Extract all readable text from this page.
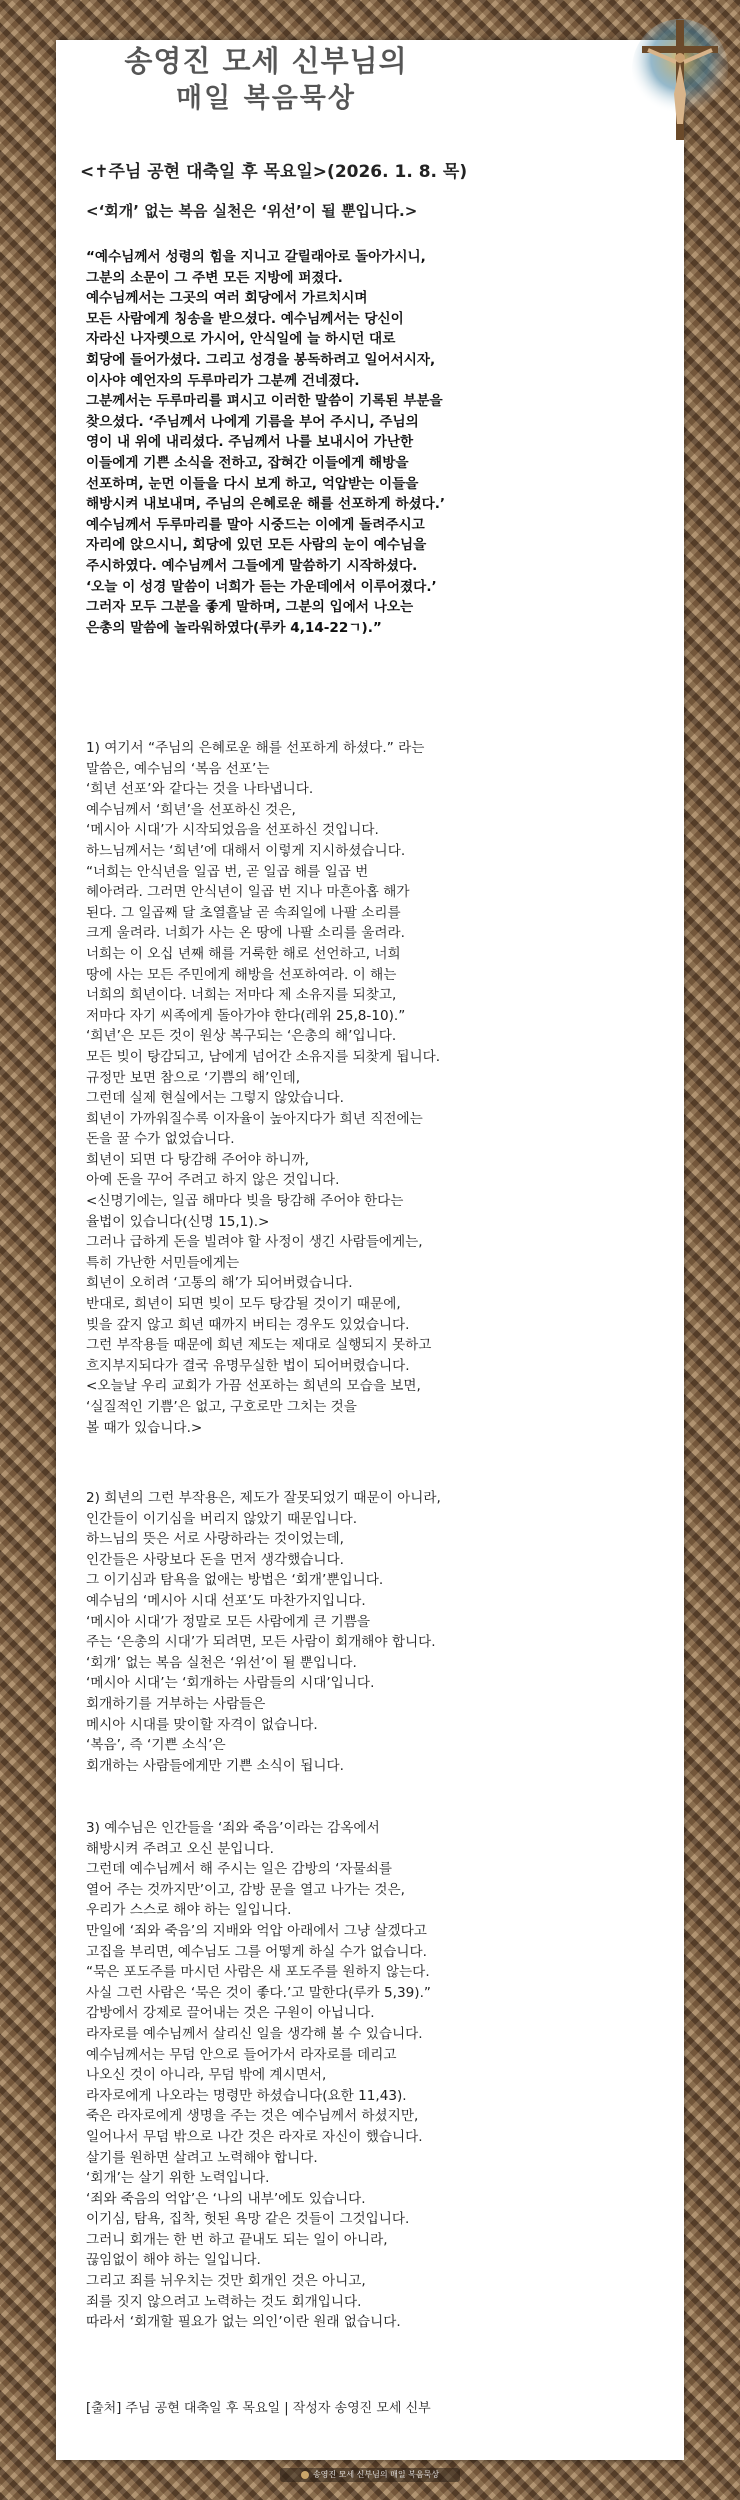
송영진 모세 신부님의
매일 복음묵상
<✝주님 공현 대축일 후 목요일>(2026. 1. 8. 목)
<‘회개’ 없는 복음 실천은 ‘위선’이 될 뿐입니다.>
“예수님께서 성령의 힘을 지니고 갈릴래아로 돌아가시니,
그분의 소문이 그 주변 모든 지방에 퍼졌다.
예수님께서는 그곳의 여러 회당에서 가르치시며
모든 사람에게 칭송을 받으셨다. 예수님께서는 당신이
자라신 나자렛으로 가시어, 안식일에 늘 하시던 대로
회당에 들어가셨다. 그리고 성경을 봉독하려고 일어서시자,
이사야 예언자의 두루마리가 그분께 건네졌다.
그분께서는 두루마리를 펴시고 이러한 말씀이 기록된 부분을
찾으셨다. ‘주님께서 나에게 기름을 부어 주시니, 주님의
영이 내 위에 내리셨다. 주님께서 나를 보내시어 가난한
이들에게 기쁜 소식을 전하고, 잡혀간 이들에게 해방을
선포하며, 눈먼 이들을 다시 보게 하고, 억압받는 이들을
해방시켜 내보내며, 주님의 은혜로운 해를 선포하게 하셨다.’
예수님께서 두루마리를 말아 시중드는 이에게 돌려주시고
자리에 앉으시니, 회당에 있던 모든 사람의 눈이 예수님을
주시하였다. 예수님께서 그들에게 말씀하기 시작하셨다.
‘오늘 이 성경 말씀이 너희가 듣는 가운데에서 이루어졌다.’
그러자 모두 그분을 좋게 말하며, 그분의 입에서 나오는
은총의 말씀에 놀라워하였다(루카 4,14-22ㄱ).”
1) 여기서 “주님의 은혜로운 해를 선포하게 하셨다.” 라는
말씀은, 예수님의 ‘복음 선포’는
‘희년 선포’와 같다는 것을 나타냅니다.
예수님께서 ‘희년’을 선포하신 것은,
‘메시아 시대’가 시작되었음을 선포하신 것입니다.
하느님께서는 ‘희년’에 대해서 이렇게 지시하셨습니다.
“너희는 안식년을 일곱 번, 곧 일곱 해를 일곱 번
헤아려라. 그러면 안식년이 일곱 번 지나 마흔아홉 해가
된다. 그 일곱째 달 초열흘날 곧 속죄일에 나팔 소리를
크게 울려라. 너희가 사는 온 땅에 나팔 소리를 울려라.
너희는 이 오십 년째 해를 거룩한 해로 선언하고, 너희
땅에 사는 모든 주민에게 해방을 선포하여라. 이 해는
너희의 희년이다. 너희는 저마다 제 소유지를 되찾고,
저마다 자기 씨족에게 돌아가야 한다(레위 25,8-10).”
‘희년’은 모든 것이 원상 복구되는 ‘은총의 해’입니다.
모든 빚이 탕감되고, 남에게 넘어간 소유지를 되찾게 됩니다.
규정만 보면 참으로 ‘기쁨의 해’인데,
그런데 실제 현실에서는 그렇지 않았습니다.
희년이 가까워질수록 이자율이 높아지다가 희년 직전에는
돈을 꿀 수가 없었습니다.
희년이 되면 다 탕감해 주어야 하니까,
아예 돈을 꾸어 주려고 하지 않은 것입니다.
<신명기에는, 일곱 해마다 빚을 탕감해 주어야 한다는
율법이 있습니다(신명 15,1).>
그러나 급하게 돈을 빌려야 할 사정이 생긴 사람들에게는,
특히 가난한 서민들에게는
희년이 오히려 ‘고통의 해’가 되어버렸습니다.
반대로, 희년이 되면 빚이 모두 탕감될 것이기 때문에,
빚을 갚지 않고 희년 때까지 버티는 경우도 있었습니다.
그런 부작용들 때문에 희년 제도는 제대로 실행되지 못하고
흐지부지되다가 결국 유명무실한 법이 되어버렸습니다.
<오늘날 우리 교회가 가끔 선포하는 희년의 모습을 보면,
‘실질적인 기쁨’은 없고, 구호로만 그치는 것을
볼 때가 있습니다.>
2) 희년의 그런 부작용은, 제도가 잘못되었기 때문이 아니라,
인간들이 이기심을 버리지 않았기 때문입니다.
하느님의 뜻은 서로 사랑하라는 것이었는데,
인간들은 사랑보다 돈을 먼저 생각했습니다.
그 이기심과 탐욕을 없애는 방법은 ‘회개’뿐입니다.
예수님의 ‘메시아 시대 선포’도 마찬가지입니다.
‘메시아 시대’가 정말로 모든 사람에게 큰 기쁨을
주는 ‘은총의 시대’가 되려면, 모든 사람이 회개해야 합니다.
‘회개’ 없는 복음 실천은 ‘위선’이 될 뿐입니다.
‘메시아 시대’는 ‘회개하는 사람들의 시대’입니다.
회개하기를 거부하는 사람들은
메시아 시대를 맞이할 자격이 없습니다.
‘복음’, 즉 ‘기쁜 소식’은
회개하는 사람들에게만 기쁜 소식이 됩니다.
3) 예수님은 인간들을 ‘죄와 죽음’이라는 감옥에서
해방시켜 주려고 오신 분입니다.
그런데 예수님께서 해 주시는 일은 감방의 ‘자물쇠를
열어 주는 것까지만’이고, 감방 문을 열고 나가는 것은,
우리가 스스로 해야 하는 일입니다.
만일에 ‘죄와 죽음’의 지배와 억압 아래에서 그냥 살겠다고
고집을 부리면, 예수님도 그를 어떻게 하실 수가 없습니다.
“묵은 포도주를 마시던 사람은 새 포도주를 원하지 않는다.
사실 그런 사람은 ‘묵은 것이 좋다.’고 말한다(루카 5,39).”
감방에서 강제로 끌어내는 것은 구원이 아닙니다.
라자로를 예수님께서 살리신 일을 생각해 볼 수 있습니다.
예수님께서는 무덤 안으로 들어가서 라자로를 데리고
나오신 것이 아니라, 무덤 밖에 계시면서,
라자로에게 나오라는 명령만 하셨습니다(요한 11,43).
죽은 라자로에게 생명을 주는 것은 예수님께서 하셨지만,
일어나서 무덤 밖으로 나간 것은 라자로 자신이 했습니다.
살기를 원하면 살려고 노력해야 합니다.
‘회개’는 살기 위한 노력입니다.
‘죄와 죽음의 억압’은 ‘나의 내부’에도 있습니다.
이기심, 탐욕, 집착, 헛된 욕망 같은 것들이 그것입니다.
그러니 회개는 한 번 하고 끝내도 되는 일이 아니라,
끊임없이 해야 하는 일입니다.
그리고 죄를 뉘우치는 것만 회개인 것은 아니고,
죄를 짓지 않으려고 노력하는 것도 회개입니다.
따라서 ‘회개할 필요가 없는 의인’이란 원래 없습니다.
[출처] 주님 공현 대축일 후 목요일 | 작성자 송영진 모세 신부
송영진 모세 신부님의 매일 복음묵상
